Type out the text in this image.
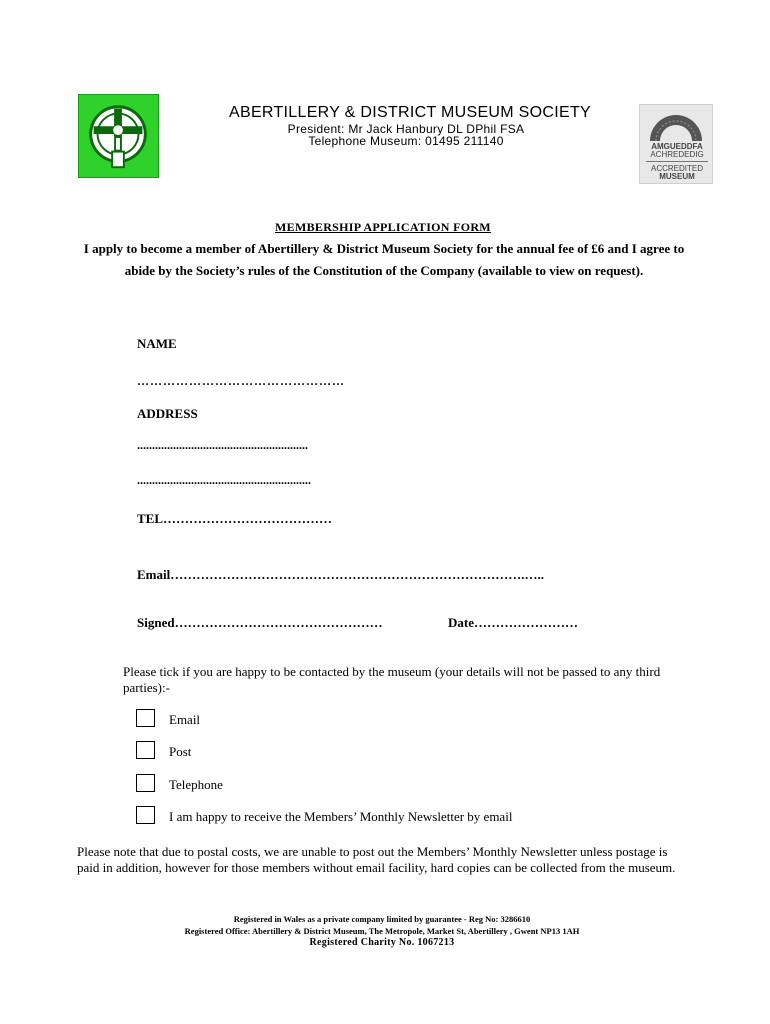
ABERTILLERY & DISTRICT MUSEUM SOCIETY
President: Mr Jack Hanbury DL DPhil FSA
Telephone Museum: 01495 211140	AMGUEDDFA
ACHREDEDIG
ACCREDITED
MUSEUM
MEMBERSHIP APPLICATION FORM
I apply to become a member of Abertillery & District Museum Society for the annual fee of £6 and I agree to abide by the Society’s rules of the Constitution of the Company (available to view on request).
NAME
…………………………………………
ADDRESS
.........................................................
..........................................................
TEL…………………………………
Email……………………………………………………………………….…..
Signed…………………………………………	Date……………………
Please tick if you are happy to be contacted by the museum (your details will not be passed to any third parties):-
Email
Post
Telephone
I am happy to receive the Members’ Monthly Newsletter by email
Please note that due to postal costs, we are unable to post out the Members’ Monthly Newsletter unless postage is paid in addition, however for those members without email facility, hard copies can be collected from the museum.
Registered in Wales as a private company limited by guarantee - Reg No: 3286610
Registered Office: Abertillery & District Museum, The Metropole, Market St, Abertillery , Gwent NP13 1AH
Registered Charity No. 1067213
